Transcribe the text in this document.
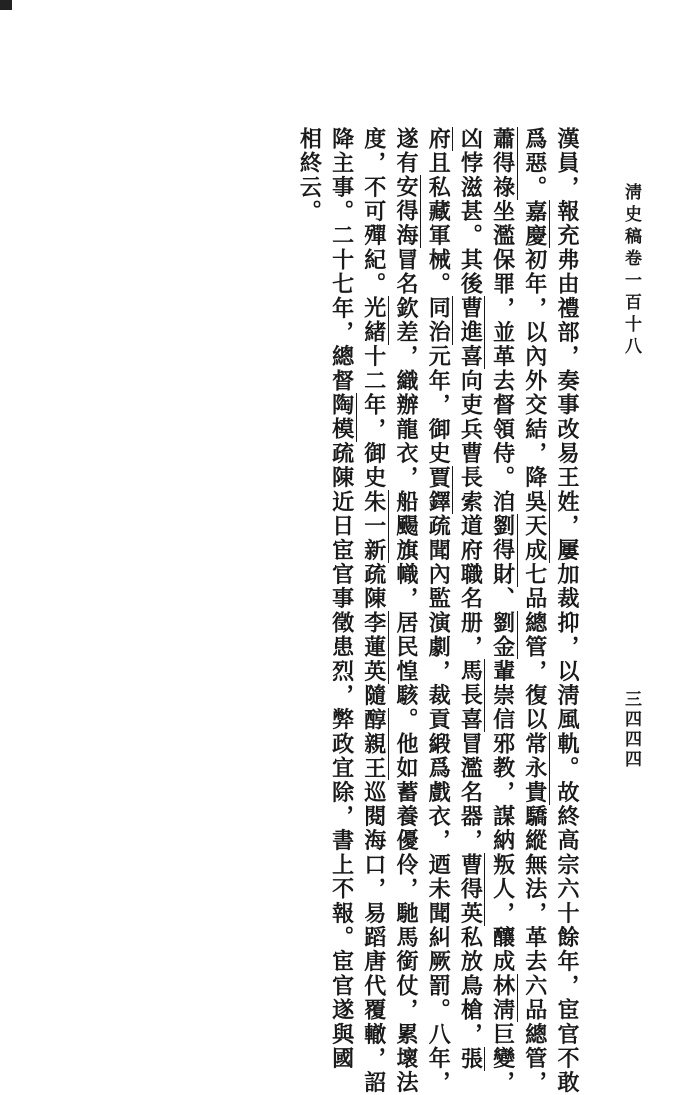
淸史稿卷一百十八
三四四四
漢員，報充弗由禮部，奏事改易王姓，屢加裁抑，以淸風軌。故終高宗六十餘年，宦官不敢
爲惡。嘉慶初年，以內外交結，降吳天成七品總管，復以常永貴驕縱無法，革去六品總管，
蕭得祿坐濫保罪，並革去督領侍。洎劉得財、劉金輩崇信邪教，謀納叛人，釀成林淸巨變，
凶悖滋甚。其後曹進喜向吏兵曹長索道府職名册，馬長喜冒濫名器，曹得英私放鳥槍，張
府且私藏軍械。同治元年，御史賈鐸疏聞內監演劇，裁貢緞爲戲衣，迺未聞糾厥罰。八年，
遂有安得海冒名欽差，織辦龍衣，船颺旗幟，居民惶駭。他如蓄養優伶，馳馬銜仗，累壞法
度，不可殫紀。光緒十二年，御史朱一新疏陳李蓮英隨醇親王巡閱海口，易蹈唐代覆轍，詔
降主事。二十七年，總督陶模疏陳近日宦官事徵患烈，弊政宜除，書上不報。宦官遂與國
相終云。
